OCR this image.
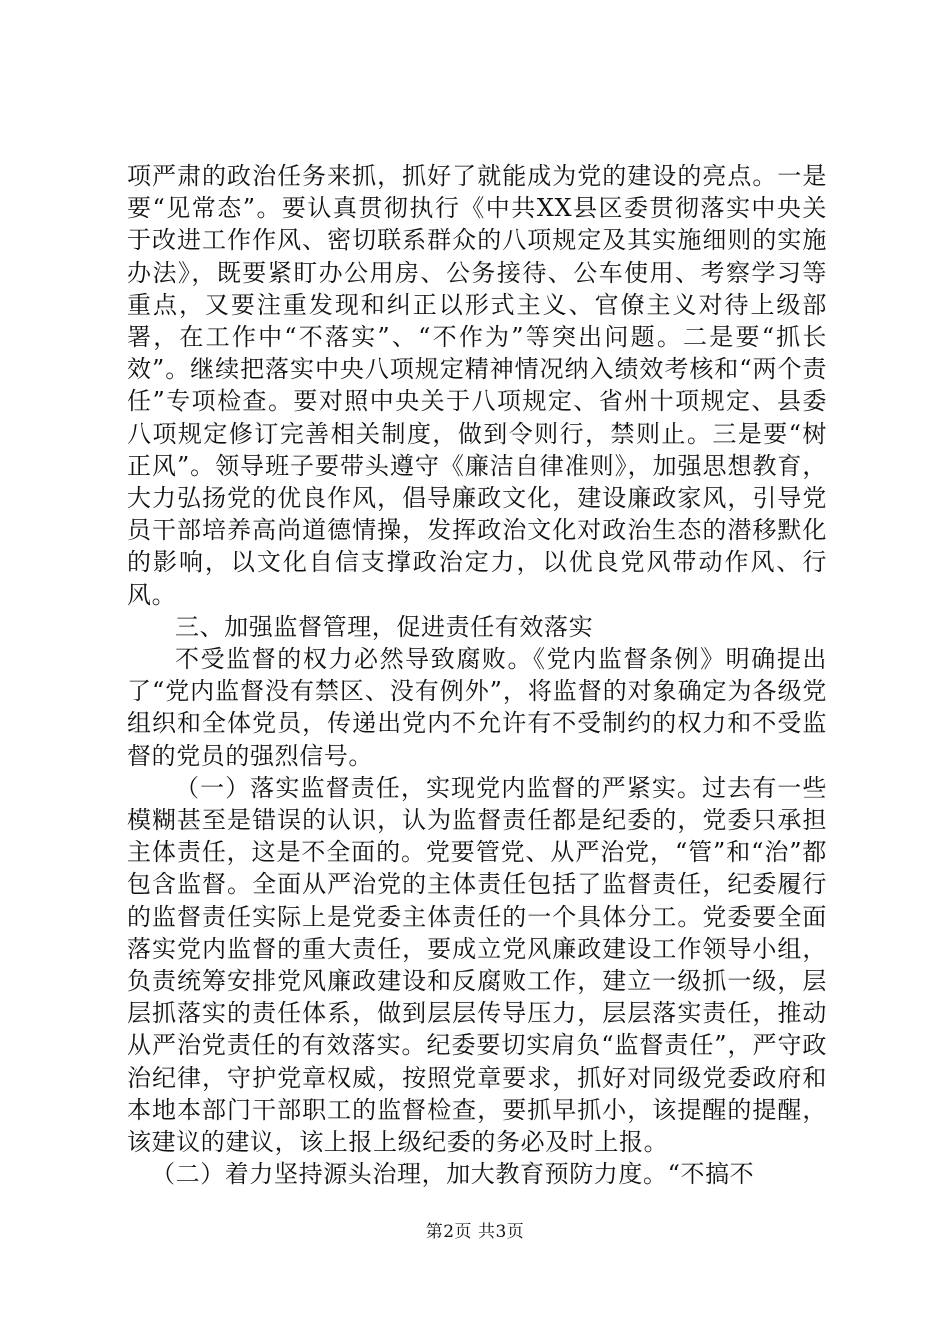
项严肃的政治任务来抓，抓好了就能成为党的建设的亮点。一是要“见常态”。要认真贯彻执行《中共XX县区委贯彻落实中央关于改进工作作风、密切联系群众的八项规定及其实施细则的实施办法》，既要紧盯办公用房、公务接待、公车使用、考察学习等重点，又要注重发现和纠正以形式主义、官僚主义对待上级部署，在工作中“不落实”、“不作为”等突出问题。二是要“抓长效”。继续把落实中央八项规定精神情况纳入绩效考核和“两个责任”专项检查。要对照中央关于八项规定、省州十项规定、县委八项规定修订完善相关制度，做到令则行，禁则止。三是要“树正风”。领导班子要带头遵守《廉洁自律准则》，加强思想教育，大力弘扬党的优良作风，倡导廉政文化，建设廉政家风，引导党员干部培养高尚道德情操，发挥政治文化对政治生态的潜移默化的影响，以文化自信支撑政治定力，以优良党风带动作风、行风。

三、加强监督管理，促进责任有效落实

不受监督的权力必然导致腐败。《党内监督条例》明确提出了“党内监督没有禁区、没有例外”，将监督的对象确定为各级党组织和全体党员，传递出党内不允许有不受制约的权力和不受监督的党员的强烈信号。

（一）落实监督责任，实现党内监督的严紧实。过去有一些模糊甚至是错误的认识，认为监督责任都是纪委的，党委只承担主体责任，这是不全面的。党要管党、从严治党，“管”和“治”都包含监督。全面从严治党的主体责任包括了监督责任，纪委履行的监督责任实际上是党委主体责任的一个具体分工。党委要全面落实党内监督的重大责任，要成立党风廉政建设工作领导小组，负责统筹安排党风廉政建设和反腐败工作，建立一级抓一级，层层抓落实的责任体系，做到层层传导压力，层层落实责任，推动从严治党责任的有效落实。纪委要切实肩负“监督责任”，严守政治纪律，守护党章权威，按照党章要求，抓好对同级党委政府和本地本部门干部职工的监督检查，要抓早抓小，该提醒的提醒，该建议的建议，该上报上级纪委的务必及时上报。

（二）着力坚持源头治理，加大教育预防力度。“不搞不

第2页 共3页
